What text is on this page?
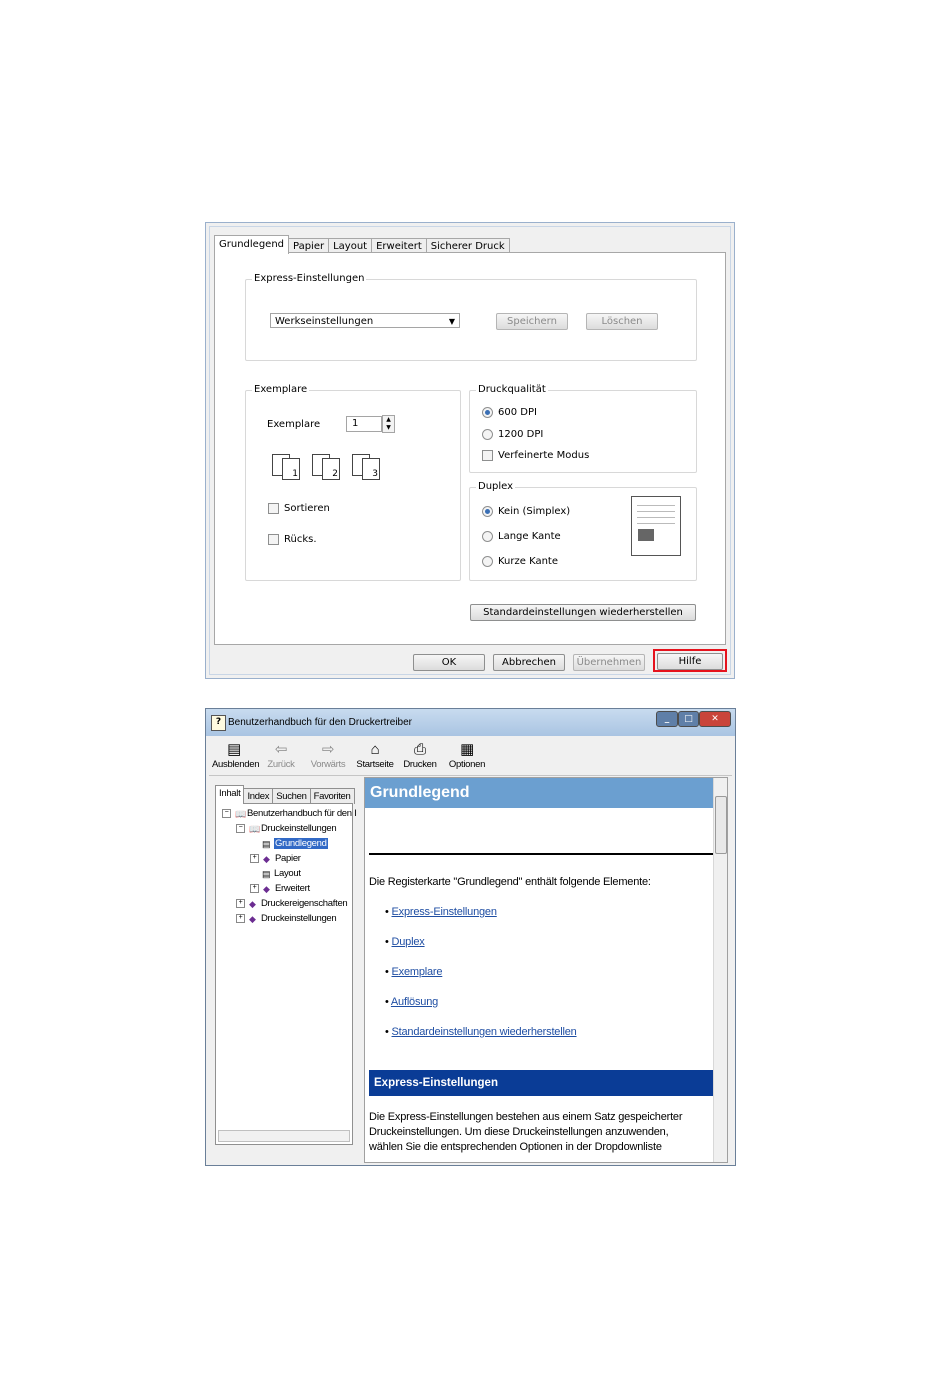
Grundlegend Papier Layout Erweitert Sicherer Druck
Express-Einstellungen
Werkseinstellungen	▼	Speichern	Löschen
Exemplare
Exemplare	1	▲
▼
1	2	3
Sortieren
Rücks.
Druckqualität
600 DPI
1200 DPI
Verfeinerte Modus
Duplex
Kein (Simplex)
Lange Kante
Kurze Kante
Standardeinstellungen wiederherstellen
OK	Abbrechen	Übernehmen	Hilfe
? Benutzerhandbuch für den Druckertreiber	_	□	✕
▤
Ausblenden
⇦
Zurück
⇨
Vorwärts
⌂
Startseite
⎙
Drucken
▦
Optionen
Inhalt Index Suchen Favoriten
− 📖 Benutzerhandbuch für den I
− 📖 Druckeinstellungen
▤ Grundlegend
+ ◆ Papier
▤ Layout
+ ◆ Erweitert
+ ◆ Druckereigenschaften
+ ◆ Druckeinstellungen
Grundlegend
Die Registerkarte "Grundlegend" enthält folgende Elemente:
• Express-Einstellungen
• Duplex
• Exemplare
• Auflösung
• Standardeinstellungen wiederherstellen
Express-Einstellungen
Die Express-Einstellungen bestehen aus einem Satz gespeicherter
Druckeinstellungen. Um diese Druckeinstellungen anzuwenden,
wählen Sie die entsprechenden Optionen in der Dropdownliste
